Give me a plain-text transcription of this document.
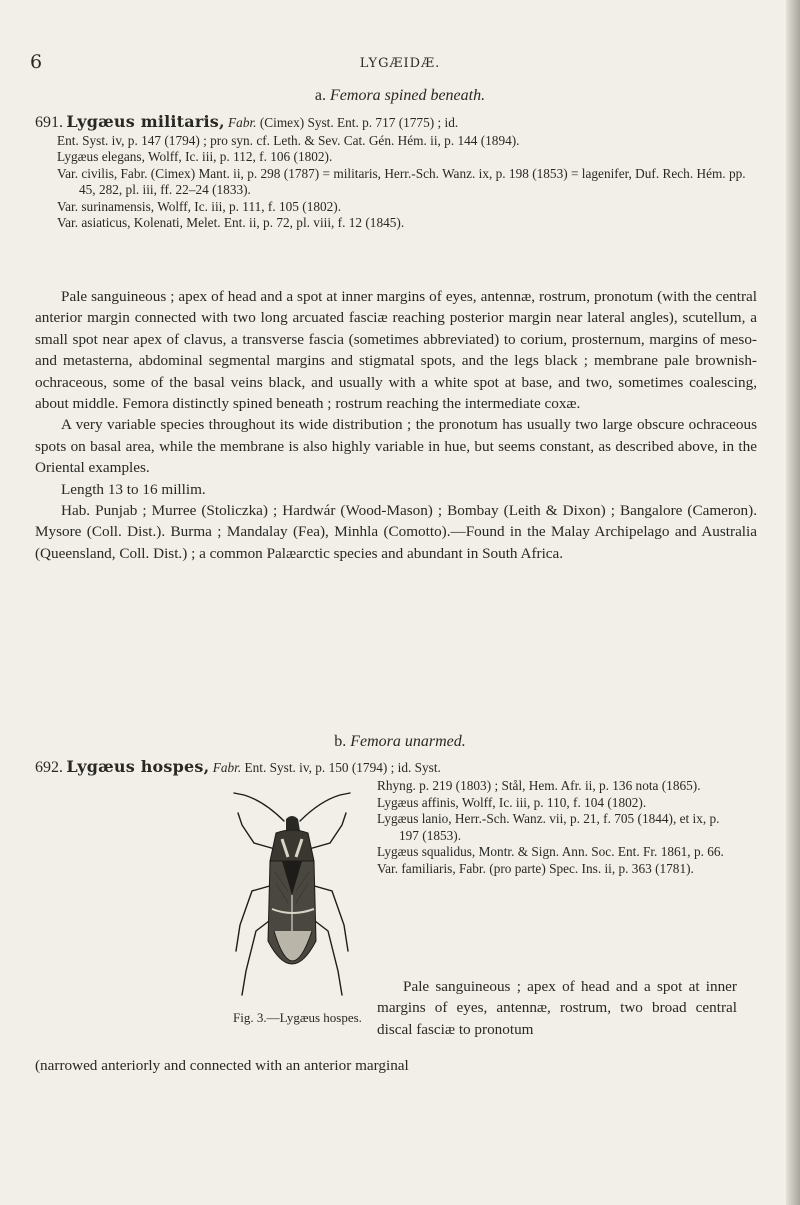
6	LYGÆIDÆ.
a. Femora spined beneath.

691. Lygæus militaris, Fabr. (Cimex) Syst. Ent. p. 717 (1775) ; id.

Ent. Syst. iv, p. 147 (1794) ; pro syn. cf. Leth. & Sev. Cat. Gén. Hém. ii, p. 144 (1894).

Lygæus elegans, Wolff, Ic. iii, p. 112, f. 106 (1802).

Var. civilis, Fabr. (Cimex) Mant. ii, p. 298 (1787) = militaris, Herr.-Sch. Wanz. ix, p. 198 (1853) = lagenifer, Duf. Rech. Hém. pp. 45, 282, pl. iii, ff. 22–24 (1833).

Var. surinamensis, Wolff, Ic. iii, p. 111, f. 105 (1802).

Var. asiaticus, Kolenati, Melet. Ent. ii, p. 72, pl. viii, f. 12 (1845).

Pale sanguineous ; apex of head and a spot at inner margins of eyes, antennæ, rostrum, pronotum (with the central anterior margin connected with two long arcuated fasciæ reaching posterior margin near lateral angles), scutellum, a small spot near apex of clavus, a transverse fascia (sometimes abbreviated) to corium, prosternum, margins of meso- and metasterna, abdominal segmental margins and stigmatal spots, and the legs black ; membrane pale brownish-ochraceous, some of the basal veins black, and usually with a white spot at base, and two, sometimes coalescing, about middle. Femora distinctly spined beneath ; rostrum reaching the intermediate coxæ.

A very variable species throughout its wide distribution ; the pronotum has usually two large obscure ochraceous spots on basal area, while the membrane is also highly variable in hue, but seems constant, as described above, in the Oriental examples.

Length 13 to 16 millim.

Hab. Punjab ; Murree (Stoliczka) ; Hardwár (Wood-Mason) ; Bombay (Leith & Dixon) ; Bangalore (Cameron). Mysore (Coll. Dist.). Burma ; Mandalay (Fea), Minhla (Comotto).—Found in the Malay Archipelago and Australia (Queensland, Coll. Dist.) ; a common Palæarctic species and abundant in South Africa.

b. Femora unarmed.
692. Lygæus hospes, Fabr. Ent. Syst. iv, p. 150 (1794) ; id. Syst.

Rhyng. p. 219 (1803) ; Stål, Hem. Afr. ii, p. 136 nota (1865).

Lygæus affinis, Wolff, Ic. iii, p. 110, f. 104 (1802).

Lygæus lanio, Herr.-Sch. Wanz. vii, p. 21, f. 705 (1844), et ix, p. 197 (1853).

Lygæus squalidus, Montr. & Sign. Ann. Soc. Ent. Fr. 1861, p. 66.

Var. familiaris, Fabr. (pro parte) Spec. Ins. ii, p. 363 (1781).

Pale sanguineous ; apex of head and a spot at inner margins of eyes, antennæ, rostrum, two broad central discal fasciæ to pronotum

(narrowed anteriorly and connected with an anterior marginal

Fig. 3.—Lygæus hospes.
